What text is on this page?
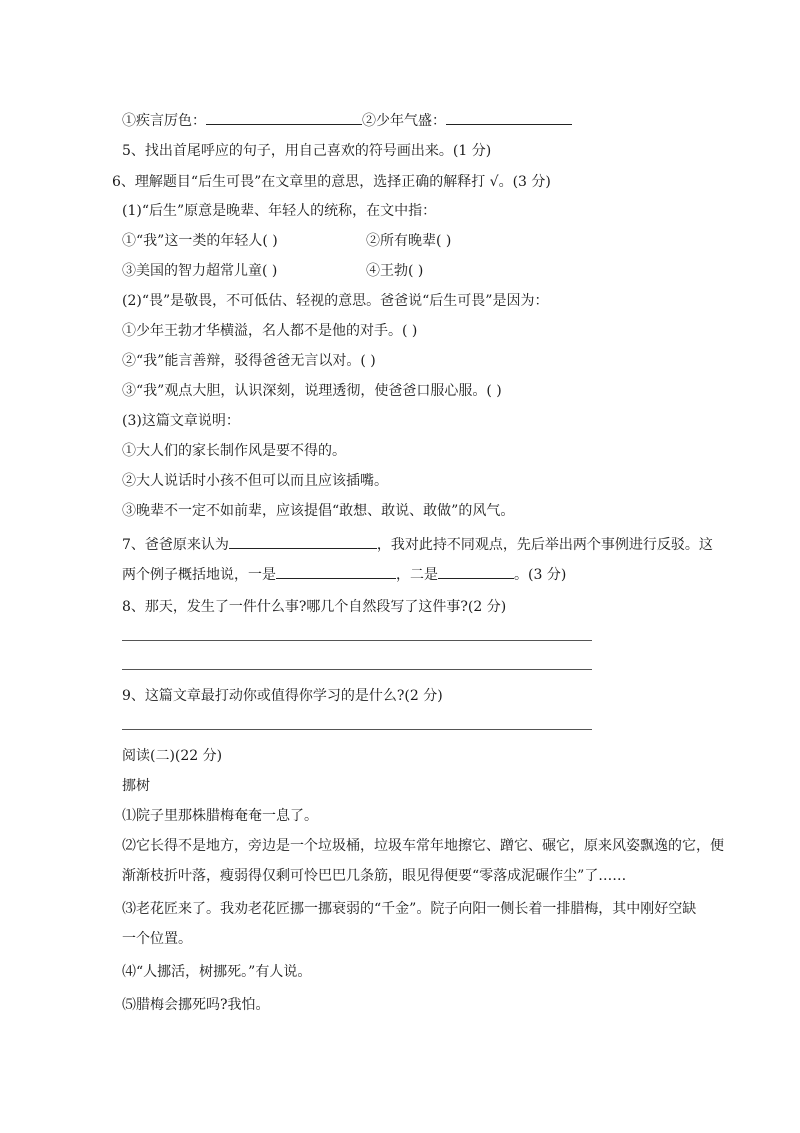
①疾言厉色：	②少年气盛：
5、找出首尾呼应的句子，用自己喜欢的符号画出来。(1 分)
6、理解题目“后生可畏”在文章里的意思，选择正确的解释打 √。(3 分)
(1)“后生”原意是晚辈、年轻人的统称，在文中指：
①“我”这一类的年轻人( )	②所有晚辈( )
③美国的智力超常儿童( )	④王勃( )
(2)“畏”是敬畏，不可低估、轻视的意思。爸爸说“后生可畏”是因为：
①少年王勃才华横溢，名人都不是他的对手。( )
②“我”能言善辩，驳得爸爸无言以对。( )
③“我”观点大胆，认识深刻，说理透彻，使爸爸口服心服。( )
(3)这篇文章说明：
①大人们的家长制作风是要不得的。
②大人说话时小孩不但可以而且应该插嘴。
③晚辈不一定不如前辈，应该提倡“敢想、敢说、敢做”的风气。
7、爸爸原来认为	，我对此持不同观点，先后举出两个事例进行反驳。这
两个例子概括地说，一是	，二是	。(3 分)
8、那天，发生了一件什么事?哪几个自然段写了这件事?(2 分)
9、这篇文章最打动你或值得你学习的是什么?(2 分)
阅读(二)(22 分)
挪树
⑴院子里那株腊梅奄奄一息了。
⑵它长得不是地方，旁边是一个垃圾桶，垃圾车常年地擦它、蹭它、碾它，原来风姿飘逸的它，便
渐渐枝折叶落，瘦弱得仅剩可怜巴巴几条筋，眼见得便要“零落成泥碾作尘”了……
⑶老花匠来了。我劝老花匠挪一挪衰弱的“千金”。院子向阳一侧长着一排腊梅，其中刚好空缺
一个位置。
⑷“人挪活，树挪死。”有人说。
⑸腊梅会挪死吗?我怕。
